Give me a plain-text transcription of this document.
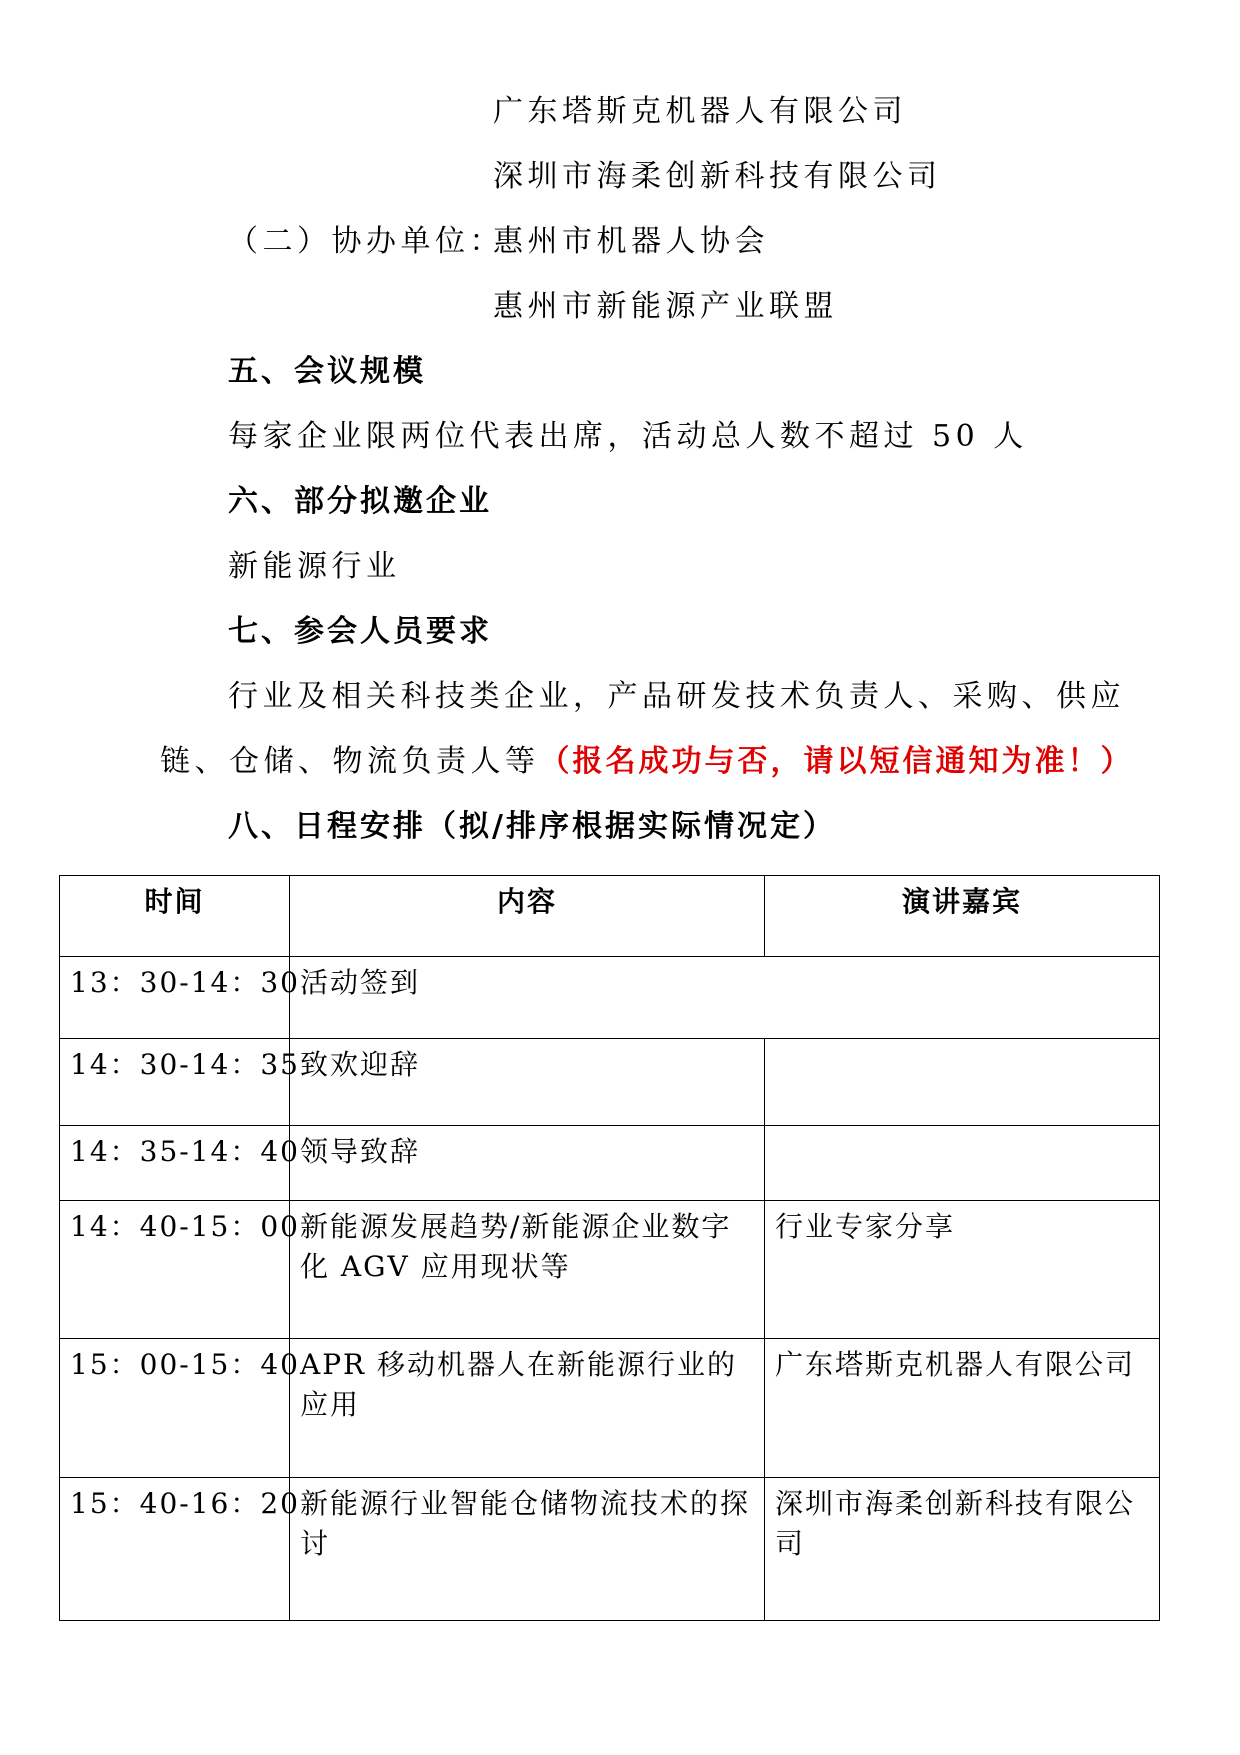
广东塔斯克机器人有限公司
深圳市海柔创新科技有限公司
（二）协办单位：
惠州市机器人协会
惠州市新能源产业联盟
五、会议规模
每家企业限两位代表出席，活动总人数不超过 50 人
六、部分拟邀企业
新能源行业
七、参会人员要求
行业及相关科技类企业，产品研发技术负责人、采购、供应
链、仓储、物流负责人等（报名成功与否，请以短信通知为准！）
八、日程安排（拟/排序根据实际情况定）
时间	内容	演讲嘉宾
13：30-14：30	活动签到	
14：30-14：35	致欢迎辞	
14：35-14：40	领导致辞	
14：40-15：00	新能源发展趋势/新能源企业数字化 AGV 应用现状等	行业专家分享
15：00-15：40	APR 移动机器人在新能源行业的应用	广东塔斯克机器人有限公司
15：40-16：20	新能源行业智能仓储物流技术的探讨	深圳市海柔创新科技有限公司
